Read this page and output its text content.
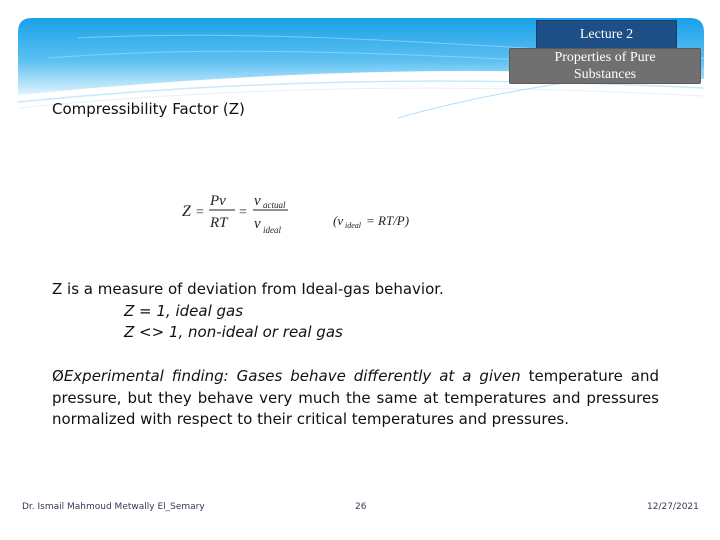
Lecture 2
Properties of Pure
Substances
Compressibility Factor (Z)
Z =
Pv
RT
=
v actual
v ideal
(v ideal = RT/P)
Z is a measure of deviation from Ideal-gas behavior.
Z = 1, ideal gas
Z <> 1, non-ideal or real gas
ØExperimental finding: Gases behave differently at a given temperature and pressure, but they behave very much the same at temperatures and pressures normalized with respect to their critical temperatures and pressures.
Dr. Ismail Mahmoud Metwally El_Semary	26	12/27/2021
